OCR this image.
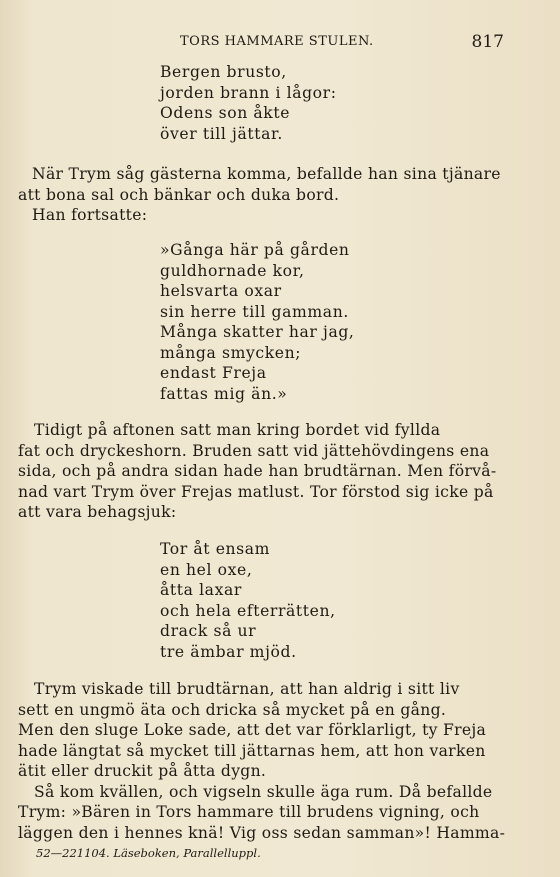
TORS HAMMARE STULEN.	817
Bergen brusto,
jorden brann i lågor:
Odens son åkte
över till jättar.
När Trym såg gästerna komma, befallde han sina tjänare
att bona sal och bänkar och duka bord.
Han fortsatte:
»Gånga här på gården
guldhornade kor,
helsvarta oxar
sin herre till gamman.
Många skatter har jag,
många smycken;
endast Freja
fattas mig än.»
Tidigt på aftonen satt man kring bordet vid fyllda
fat och dryckeshorn. Bruden satt vid jättehövdingens ena
sida, och på andra sidan hade han brudtärnan. Men förvå-
nad vart Trym över Frejas matlust. Tor förstod sig icke på
att vara behagsjuk:
Tor åt ensam
en hel oxe,
åtta laxar
och hela efterrätten,
drack så ur
tre ämbar mjöd.
Trym viskade till brudtärnan, att han aldrig i sitt liv
sett en ungmö äta och dricka så mycket på en gång.
Men den sluge Loke sade, att det var förklarligt, ty Freja
hade längtat så mycket till jättarnas hem, att hon varken
ätit eller druckit på åtta dygn.
Så kom kvällen, och vigseln skulle äga rum. Då befallde
Trym: »Bären in Tors hammare till brudens vigning, och
läggen den i hennes knä! Vig oss sedan samman»! Hamma-
52—221104. Läseboken, Parallelluppl.
